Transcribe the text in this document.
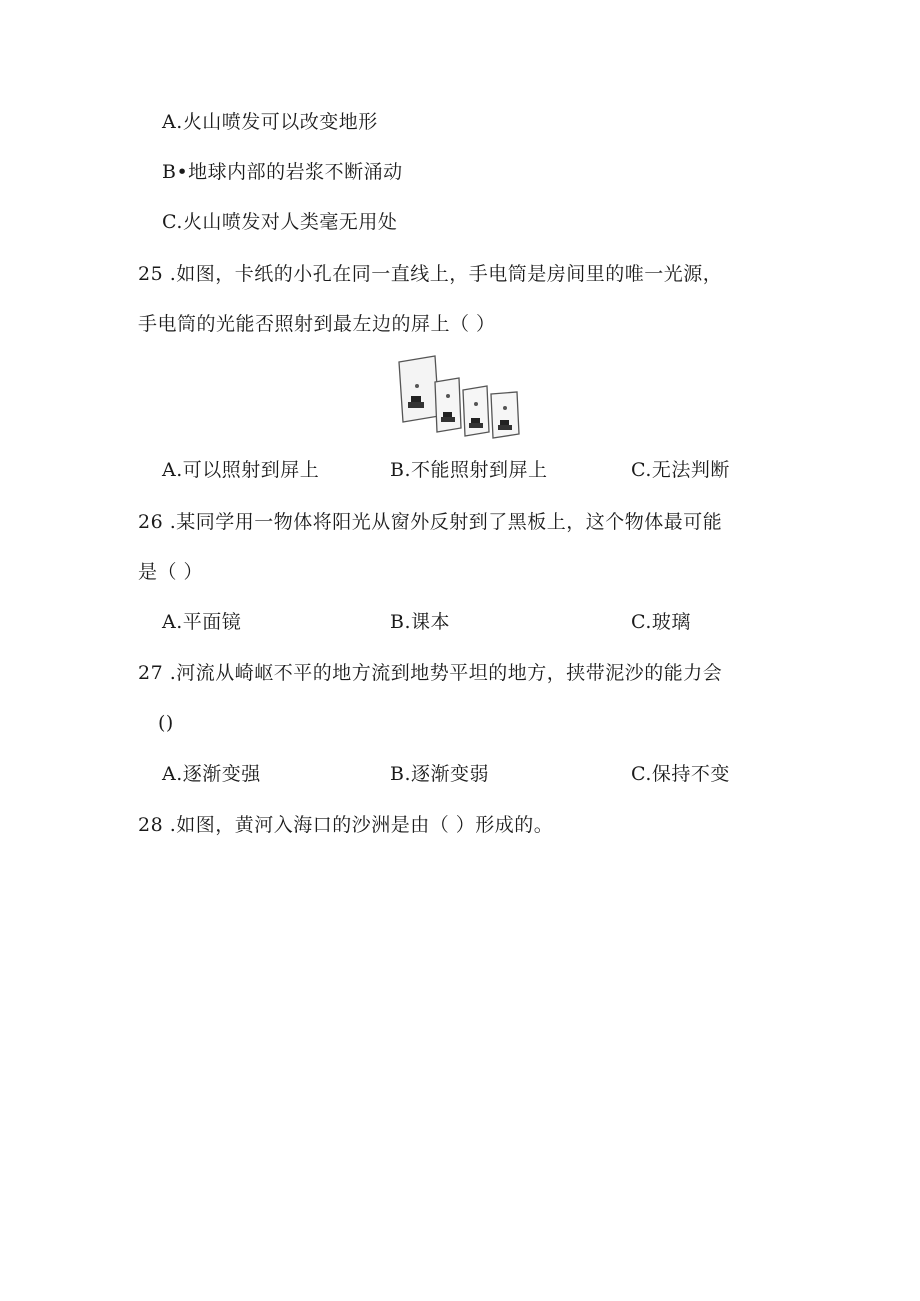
A.火山喷发可以改变地形
B•地球内部的岩浆不断涌动
C.火山喷发对人类毫无用处
25 .如图，卡纸的小孔在同一直线上，手电筒是房间里的唯一光源，
手电筒的光能否照射到最左边的屏上（ ）
A.可以照射到屏上	B.不能照射到屏上	C.无法判断
26 .某同学用一物体将阳光从窗外反射到了黑板上，这个物体最可能
是（ ）
A.平面镜	B.课本	C.玻璃
27 .河流从崎岖不平的地方流到地势平坦的地方，挟带泥沙的能力会
()
A.逐渐变强	B.逐渐变弱	C.保持不变
28 .如图，黄河入海口的沙洲是由（ ）形成的。
